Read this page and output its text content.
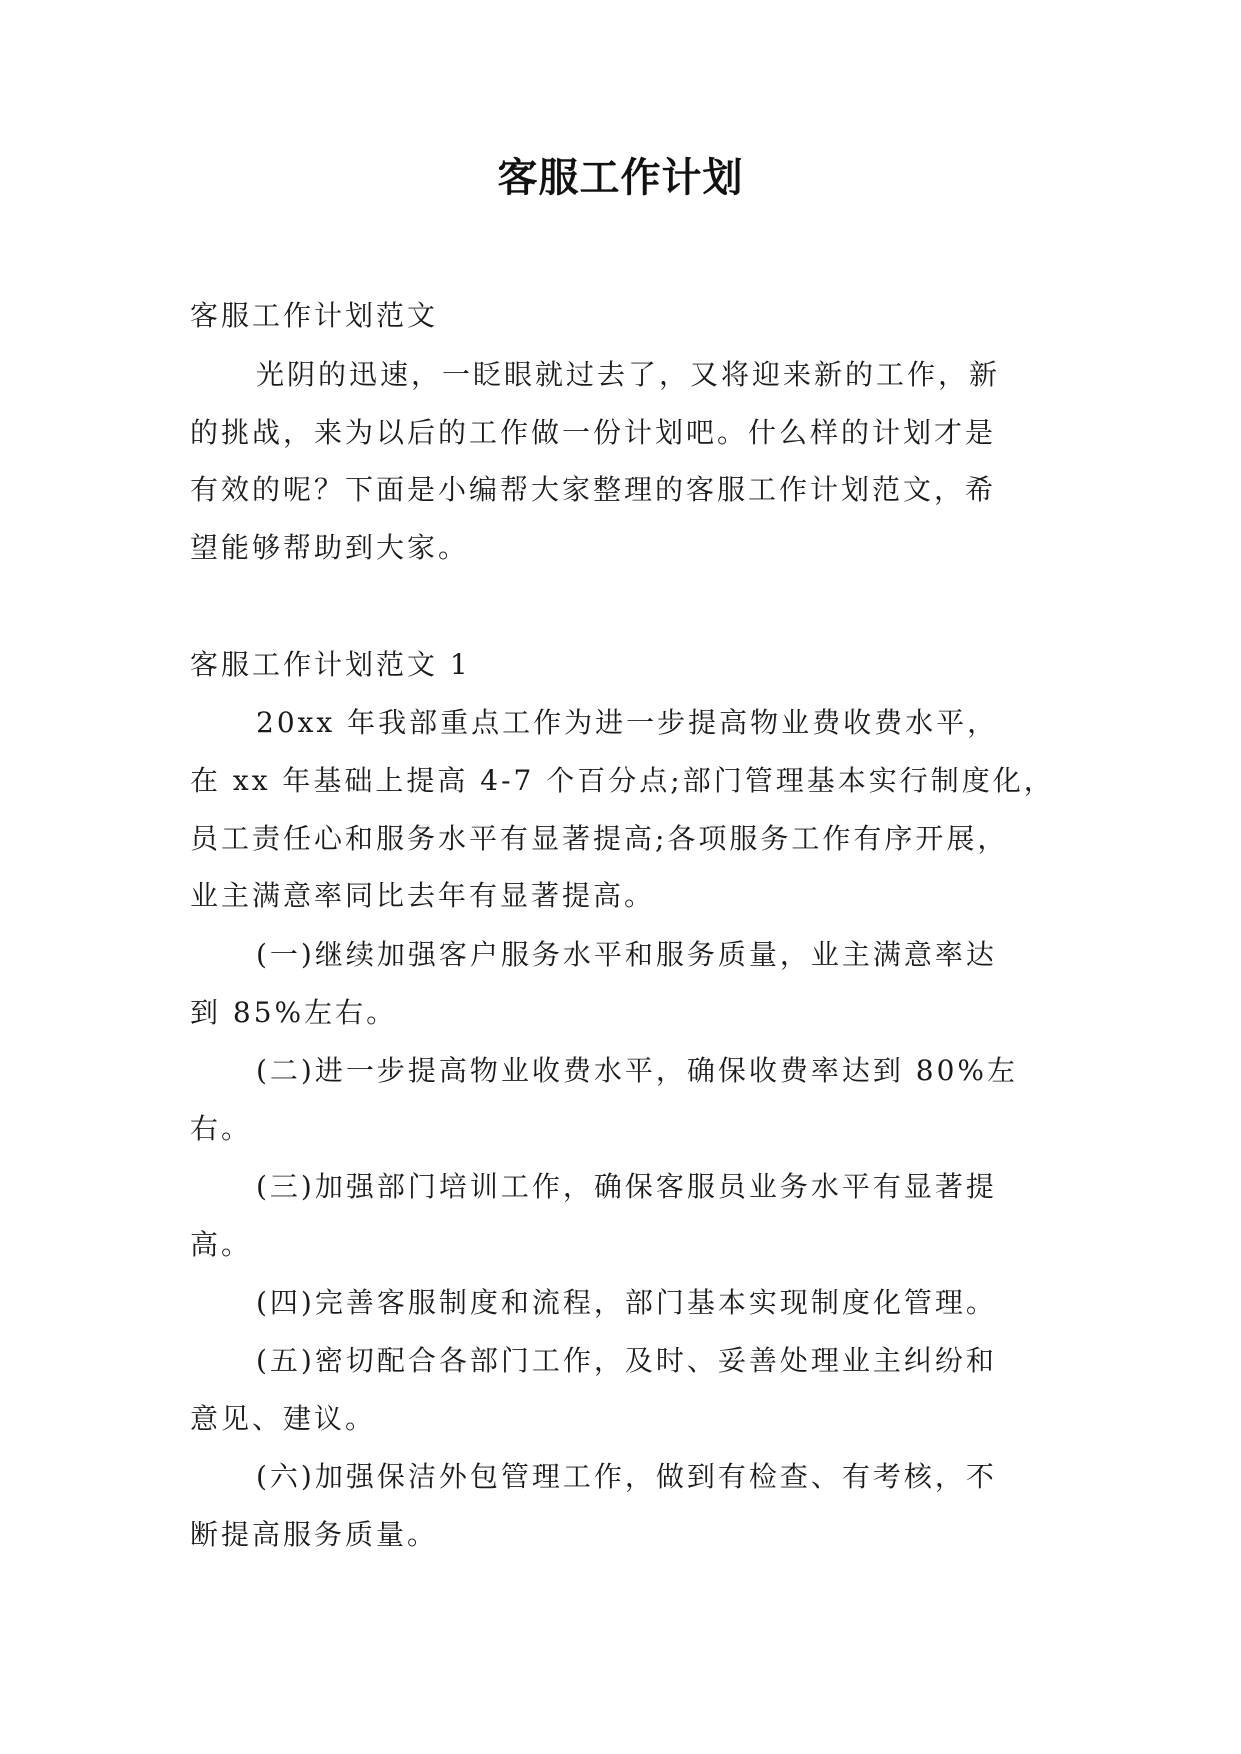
客服工作计划
客服工作计划范文
光阴的迅速，一眨眼就过去了，又将迎来新的工作，新
的挑战，来为以后的工作做一份计划吧。什么样的计划才是
有效的呢？下面是小编帮大家整理的客服工作计划范文，希
望能够帮助到大家。
客服工作计划范文 1
20xx 年我部重点工作为进一步提高物业费收费水平，
在 xx 年基础上提高 4-7 个百分点;部门管理基本实行制度化，
员工责任心和服务水平有显著提高;各项服务工作有序开展，
业主满意率同比去年有显著提高。
(一)继续加强客户服务水平和服务质量，业主满意率达
到 85%左右。
(二)进一步提高物业收费水平，确保收费率达到 80%左
右。
(三)加强部门培训工作，确保客服员业务水平有显著提
高。
(四)完善客服制度和流程，部门基本实现制度化管理。
(五)密切配合各部门工作，及时、妥善处理业主纠纷和
意见、建议。
(六)加强保洁外包管理工作，做到有检查、有考核，不
断提高服务质量。
